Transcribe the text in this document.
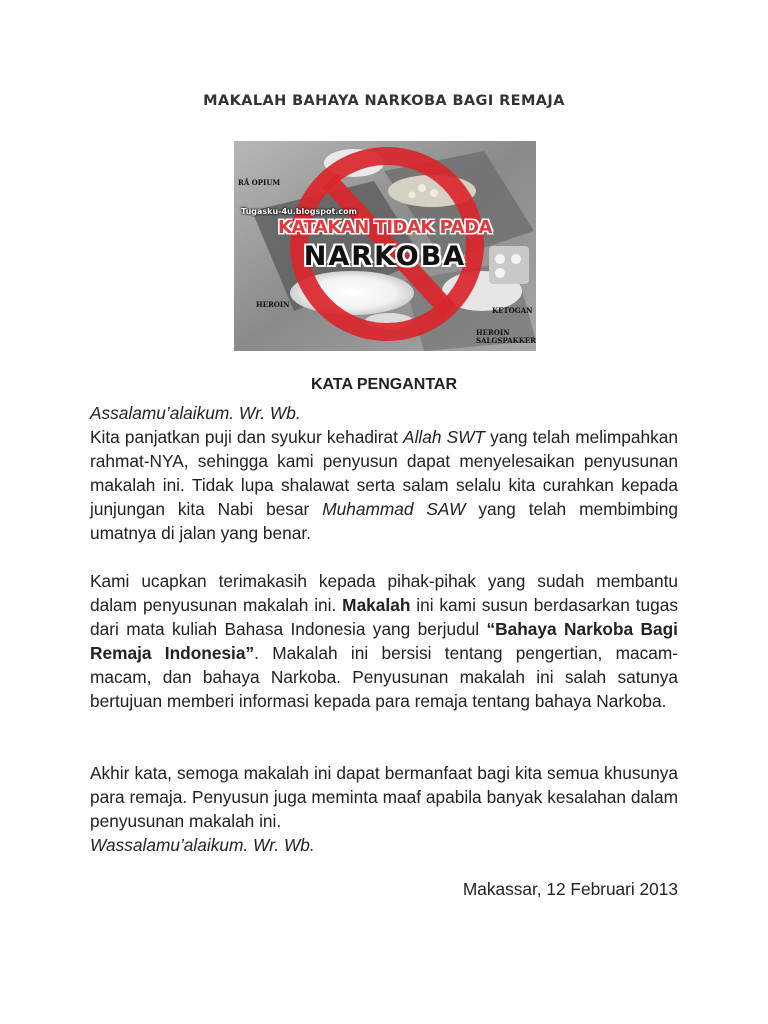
MAKALAH BAHAYA NARKOBA BAGI REMAJA
RÅ OPIUM
HEROIN
KETOGAN
HEROIN
SALGSPAKKER
Tugasku-4u.blogspot.com
KATAKAN TIDAK PADA
NARKOBA
KATA PENGANTAR

Assalamu’alaikum. Wr. Wb.

Kita panjatkan puji dan syukur kehadirat Allah SWT yang telah melimpahkan rahmat-NYA, sehingga kami penyusun dapat menyelesaikan penyusunan makalah ini. Tidak lupa shalawat serta salam selalu kita curahkan kepada junjungan kita Nabi besar Muhammad SAW yang telah membimbing umatnya di jalan yang benar.

Kami ucapkan terimakasih kepada pihak-pihak yang sudah membantu dalam penyusunan makalah ini. Makalah ini kami susun berdasarkan tugas dari mata kuliah Bahasa Indonesia yang berjudul “Bahaya Narkoba Bagi Remaja Indonesia”. Makalah ini bersisi tentang pengertian, macam-macam, dan bahaya Narkoba. Penyusunan makalah ini salah satunya bertujuan memberi informasi kepada para remaja tentang bahaya Narkoba.

Akhir kata, semoga makalah ini dapat bermanfaat bagi kita semua khusunya para remaja. Penyusun juga meminta maaf apabila banyak kesalahan dalam penyusunan makalah ini.

Wassalamu’alaikum. Wr. Wb.

Makassar, 12 Februari 2013
